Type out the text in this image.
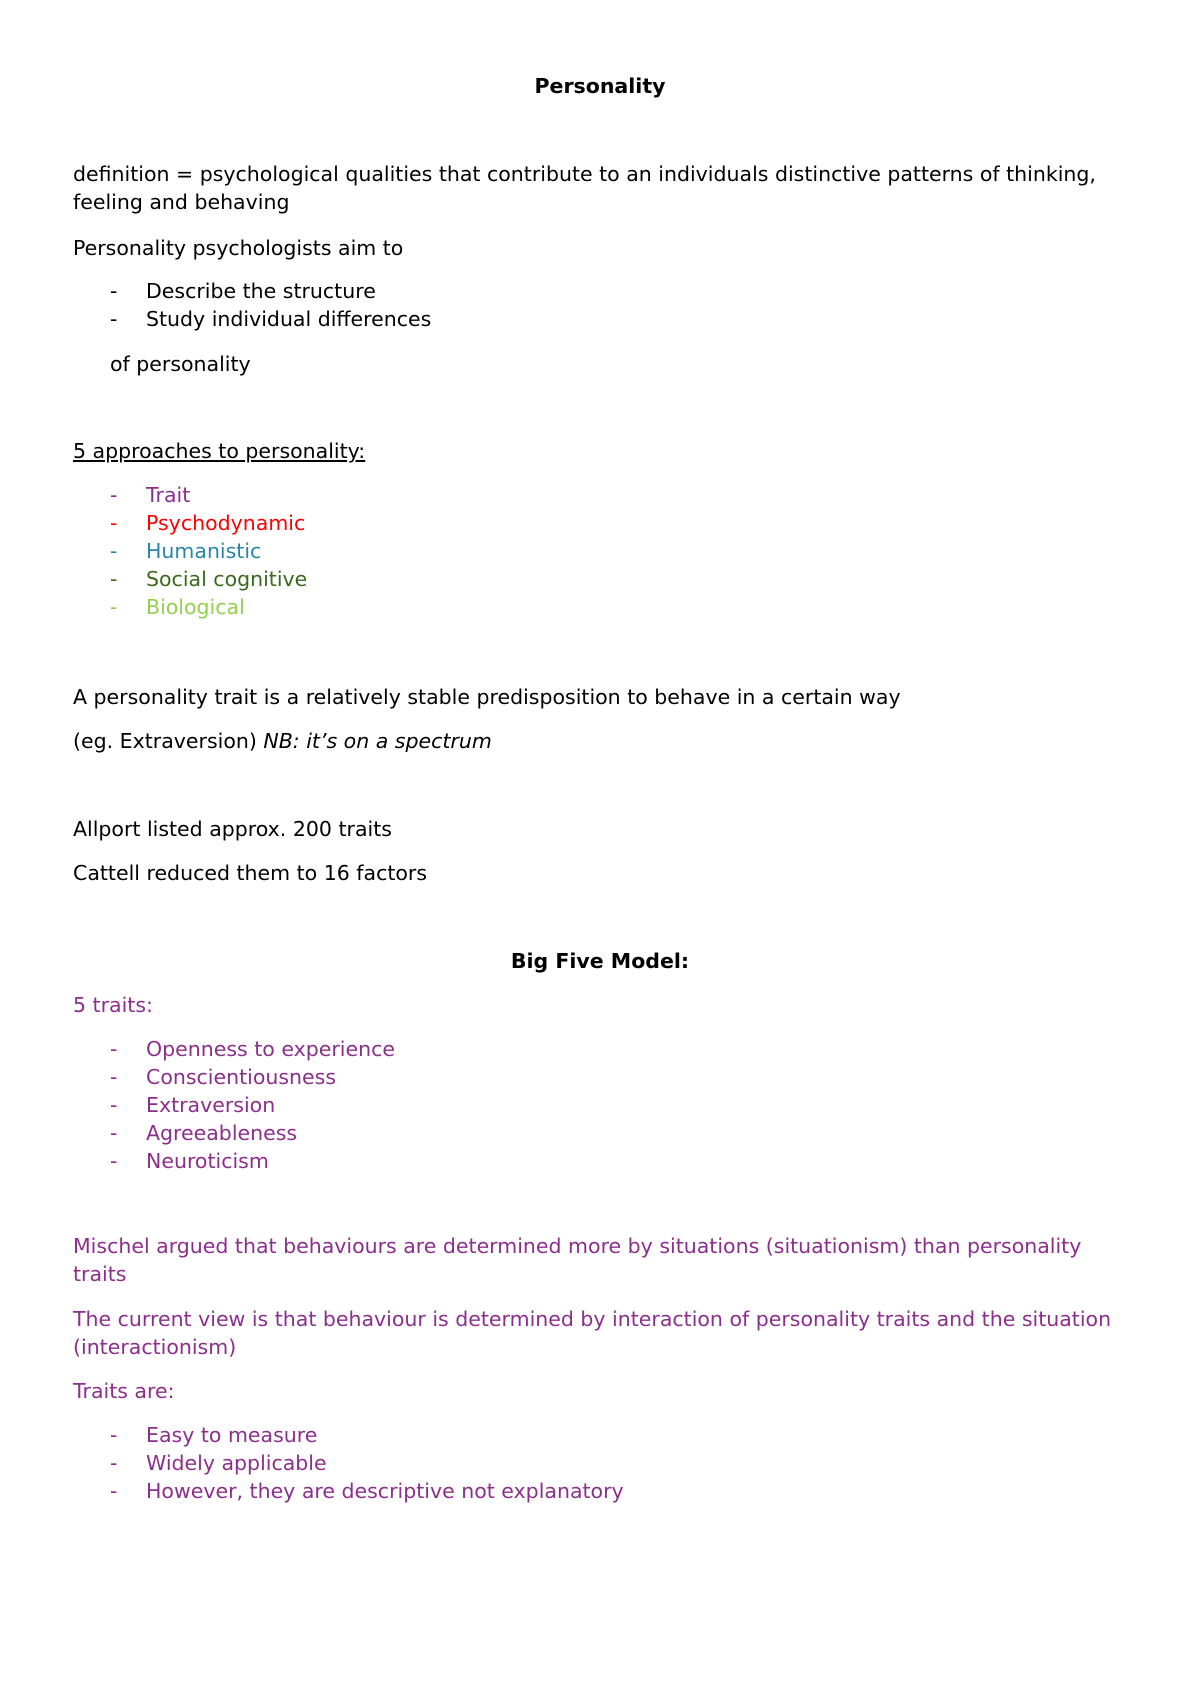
Personality
definition = psychological qualities that contribute to an individuals distinctive patterns of thinking, feeling and behaving
Personality psychologists aim to
- Describe the structure
- Study individual differences
of personality
5 approaches to personality:
- Trait
- Psychodynamic
- Humanistic
- Social cognitive
- Biological
A personality trait is a relatively stable predisposition to behave in a certain way
(eg. Extraversion) NB: it’s on a spectrum
Allport listed approx. 200 traits
Cattell reduced them to 16 factors
Big Five Model:
5 traits:
- Openness to experience
- Conscientiousness
- Extraversion
- Agreeableness
- Neuroticism
Mischel argued that behaviours are determined more by situations (situationism) than personality traits
The current view is that behaviour is determined by interaction of personality traits and the situation (interactionism)
Traits are:
- Easy to measure
- Widely applicable
- However, they are descriptive not explanatory
